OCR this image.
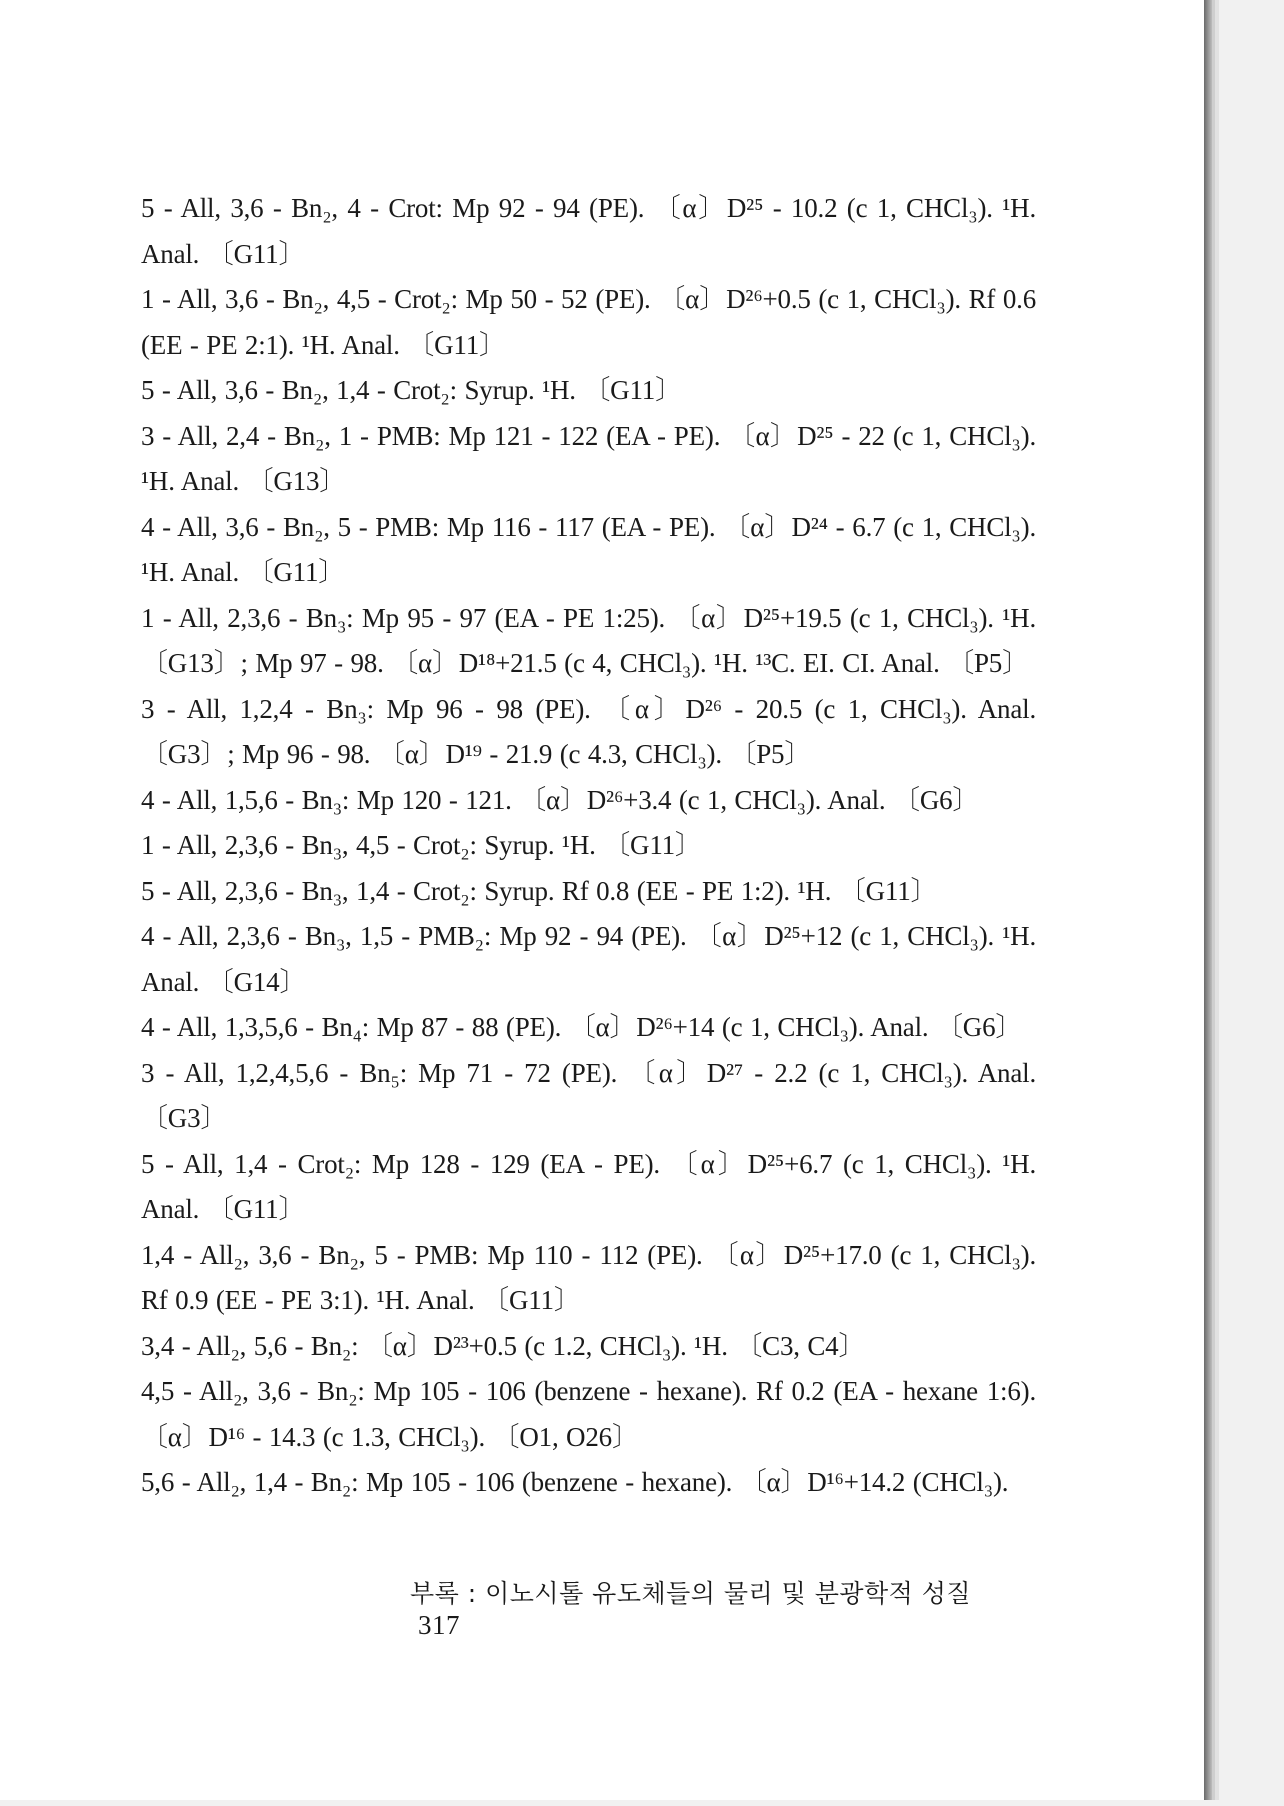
5 - All, 3,6 - Bn₂, 4 - Crot: Mp 92 - 94 (PE). 〔α〕D²⁵ - 10.2 (c 1, CHCl₃). ¹H. Anal. 〔G11〕
1 - All, 3,6 - Bn₂, 4,5 - Crot₂: Mp 50 - 52 (PE). 〔α〕D²⁶+0.5 (c 1, CHCl₃). Rf 0.6 (EE - PE 2:1). ¹H. Anal. 〔G11〕
5 - All, 3,6 - Bn₂, 1,4 - Crot₂: Syrup. ¹H. 〔G11〕
3 - All, 2,4 - Bn₂, 1 - PMB: Mp 121 - 122 (EA - PE). 〔α〕D²⁵ - 22 (c 1, CHCl₃). ¹H. Anal. 〔G13〕
4 - All, 3,6 - Bn₂, 5 - PMB: Mp 116 - 117 (EA - PE). 〔α〕D²⁴ - 6.7 (c 1, CHCl₃). ¹H. Anal. 〔G11〕
1 - All, 2,3,6 - Bn₃: Mp 95 - 97 (EA - PE 1:25). 〔α〕D²⁵+19.5 (c 1, CHCl₃). ¹H. 〔G13〕; Mp 97 - 98. 〔α〕D¹⁸+21.5 (c 4, CHCl₃). ¹H. ¹³C. EI. CI. Anal. 〔P5〕
3 - All, 1,2,4 - Bn₃: Mp 96 - 98 (PE). 〔α〕D²⁶ - 20.5 (c 1, CHCl₃). Anal. 〔G3〕; Mp 96 - 98. 〔α〕D¹⁹ - 21.9 (c 4.3, CHCl₃). 〔P5〕
4 - All, 1,5,6 - Bn₃: Mp 120 - 121. 〔α〕D²⁶+3.4 (c 1, CHCl₃). Anal. 〔G6〕
1 - All, 2,3,6 - Bn₃, 4,5 - Crot₂: Syrup. ¹H. 〔G11〕
5 - All, 2,3,6 - Bn₃, 1,4 - Crot₂: Syrup. Rf 0.8 (EE - PE 1:2). ¹H. 〔G11〕
4 - All, 2,3,6 - Bn₃, 1,5 - PMB₂: Mp 92 - 94 (PE). 〔α〕D²⁵+12 (c 1, CHCl₃). ¹H. Anal. 〔G14〕
4 - All, 1,3,5,6 - Bn₄: Mp 87 - 88 (PE). 〔α〕D²⁶+14 (c 1, CHCl₃). Anal. 〔G6〕
3 - All, 1,2,4,5,6 - Bn₅: Mp 71 - 72 (PE). 〔α〕D²⁷ - 2.2 (c 1, CHCl₃). Anal. 〔G3〕
5 - All, 1,4 - Crot₂: Mp 128 - 129 (EA - PE). 〔α〕D²⁵+6.7 (c 1, CHCl₃). ¹H. Anal. 〔G11〕
1,4 - All₂, 3,6 - Bn₂, 5 - PMB: Mp 110 - 112 (PE). 〔α〕D²⁵+17.0 (c 1, CHCl₃). Rf 0.9 (EE - PE 3:1). ¹H. Anal. 〔G11〕
3,4 - All₂, 5,6 - Bn₂: 〔α〕D²³+0.5 (c 1.2, CHCl₃). ¹H. 〔C3, C4〕
4,5 - All₂, 3,6 - Bn₂: Mp 105 - 106 (benzene - hexane). Rf 0.2 (EA - hexane 1:6). 〔α〕D¹⁶ - 14.3 (c 1.3, CHCl₃). 〔O1, O26〕
5,6 - All₂, 1,4 - Bn₂: Mp 105 - 106 (benzene - hexane). 〔α〕D¹⁶+14.2 (CHCl₃).
부록 : 이노시톨 유도체들의 물리 및 분광학적 성질 317
